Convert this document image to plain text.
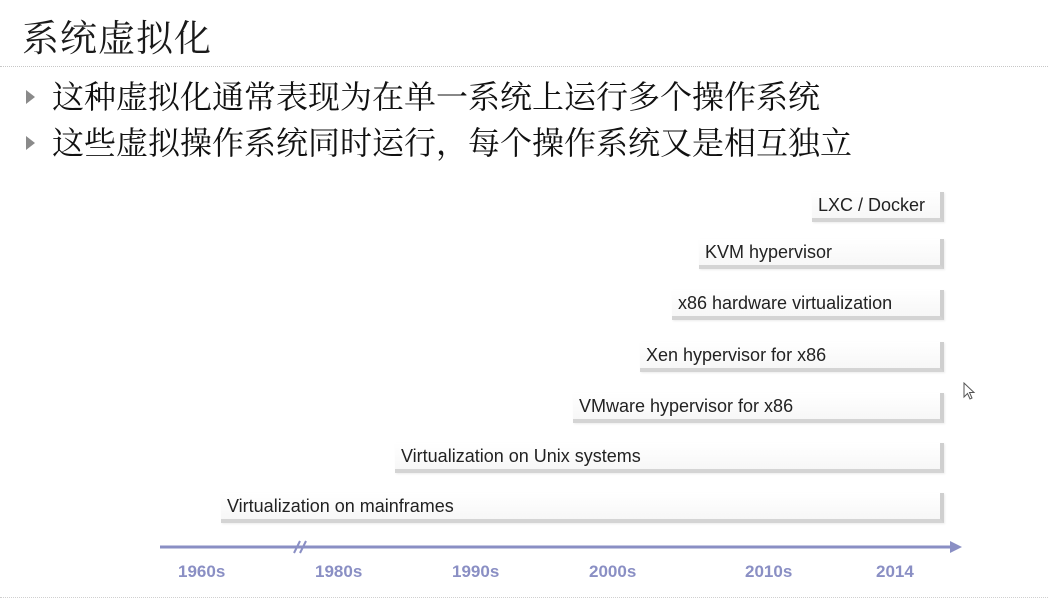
系统虚拟化
这种虚拟化通常表现为在单一系统上运行多个操作系统
这些虚拟操作系统同时运行，每个操作系统又是相互独立
LXC / Docker
KVM hypervisor
x86 hardware virtualization
Xen hypervisor for x86
VMware hypervisor for x86
Virtualization on Unix systems
Virtualization on mainframes
1960s	1980s	1990s	2000s	2010s	2014
